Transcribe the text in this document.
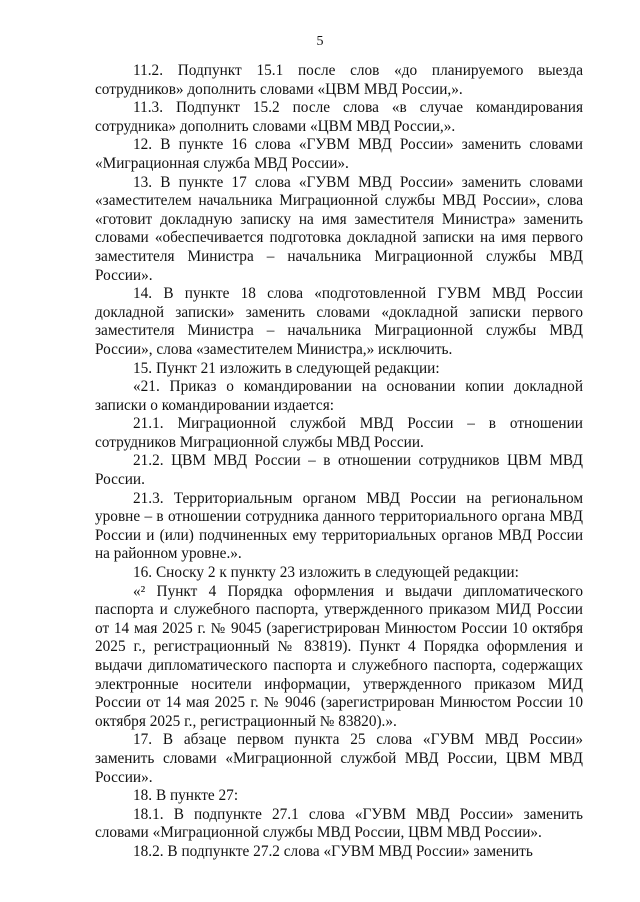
5

11.2. Подпункт 15.1 после слов «до планируемого выезда сотрудников» дополнить словами «ЦВМ МВД России,».

11.3. Подпункт 15.2 после слова «в случае командирования сотрудника» дополнить словами «ЦВМ МВД России,».

12. В пункте 16 слова «ГУВМ МВД России» заменить словами «Миграционная служба МВД России».

13. В пункте 17 слова «ГУВМ МВД России» заменить словами «заместителем начальника Миграционной службы МВД России», слова «готовит докладную записку на имя заместителя Министра» заменить словами «обеспечивается подготовка докладной записки на имя первого заместителя Министра – начальника Миграционной службы МВД России».

14. В пункте 18 слова «подготовленной ГУВМ МВД России докладной записки» заменить словами «докладной записки первого заместителя Министра – начальника Миграционной службы МВД России», слова «заместителем Министра,» исключить.

15. Пункт 21 изложить в следующей редакции:

«21. Приказ о командировании на основании копии докладной записки о командировании издается:

21.1. Миграционной службой МВД России – в отношении сотрудников Миграционной службы МВД России.

21.2. ЦВМ МВД России – в отношении сотрудников ЦВМ МВД России.

21.3. Территориальным органом МВД России на региональном уровне – в отношении сотрудника данного территориального органа МВД России и (или) подчиненных ему территориальных органов МВД России на районном уровне.».

16. Сноску 2 к пункту 23 изложить в следующей редакции:

«² Пункт 4 Порядка оформления и выдачи дипломатического паспорта и служебного паспорта, утвержденного приказом МИД России от 14 мая 2025 г. № 9045 (зарегистрирован Минюстом России 10 октября 2025 г., регистрационный № 83819). Пункт 4 Порядка оформления и выдачи дипломатического паспорта и служебного паспорта, содержащих электронные носители информации, утвержденного приказом МИД России от 14 мая 2025 г. № 9046 (зарегистрирован Минюстом России 10 октября 2025 г., регистрационный № 83820).».

17. В абзаце первом пункта 25 слова «ГУВМ МВД России» заменить словами «Миграционной службой МВД России, ЦВМ МВД России».

18. В пункте 27:

18.1. В подпункте 27.1 слова «ГУВМ МВД России» заменить словами «Миграционной службы МВД России, ЦВМ МВД России».

18.2. В подпункте 27.2 слова «ГУВМ МВД России» заменить
